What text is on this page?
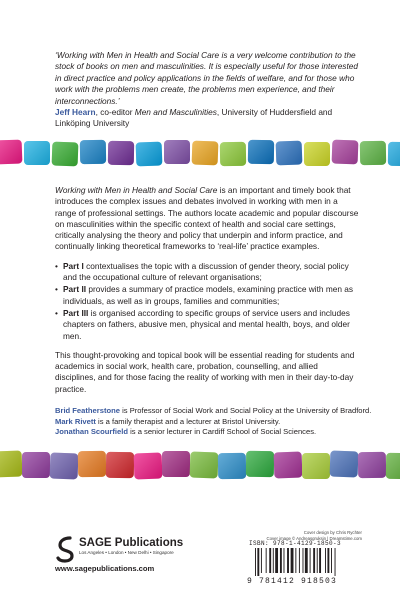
‘Working with Men in Health and Social Care is a very welcome contribution to the stock of books on men and masculinities. It is especially useful for those interested in direct practice and policy applications in the fields of welfare, and for those who work with the problems men create, the problems men experience, and their interconnections.’
Jeff Hearn, co-editor Men and Masculinities, University of Huddersfield and Linköping University

Working with Men in Health and Social Care is an important and timely book that introduces the complex issues and debates involved in working with men in a range of professional settings. The authors locate academic and popular discourse on masculinities within the specific context of health and social care settings, critically analysing the theory and policy that underpin and inform practice, and continually linking theoretical frameworks to ‘real-life’ practice examples.

• Part I contextualises the topic with a discussion of gender theory, social policy and the occupational culture of relevant organisations;
• Part II provides a summary of practice models, examining practice with men as individuals, as well as in groups, families and communities;
• Part III is organised according to specific groups of service users and includes chapters on fathers, abusive men, physical and mental health, boys, and older men.

This thought-provoking and topical book will be essential reading for students and academics in social work, health care, probation, counselling, and allied disciplines, and for those facing the reality of working with men in their day-to-day practice.

Brid Featherstone is Professor of Social Work and Social Policy at the University of Bradford.
Mark Rivett is a family therapist and a lecturer at Bristol University.
Jonathan Scourfield is a senior lecturer in Cardiff School of Social Sciences.
Cover design by Chris Rychter
Cover image © Andreasgruksin | Dreamstime.com
SAGE Publications
Los Angeles • London • New Delhi • Singapore
www.sagepublications.com
ISBN: 978-1-4129-1850-3
9 781412 918503
